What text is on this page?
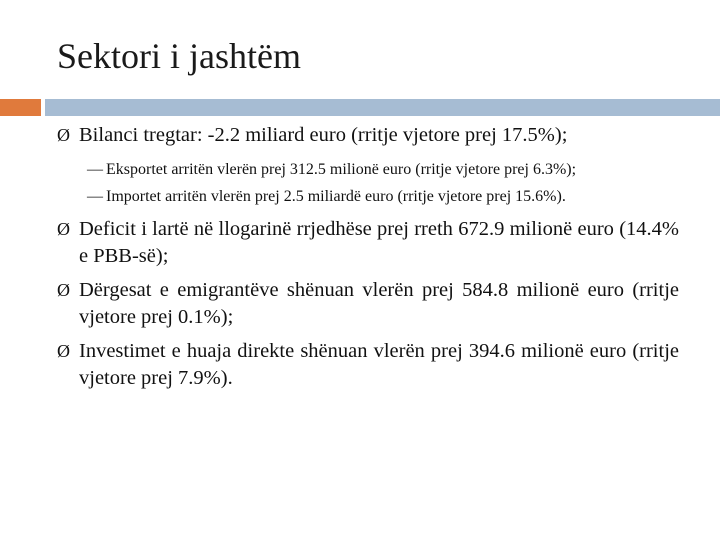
Sektori i jashtëm
Ø Bilanci tregtar: -2.2 miliard euro (rritje vjetore prej 17.5%);
— Eksportet arritën vlerën prej 312.5 milionë euro (rritje vjetore prej 6.3%);
— Importet arritën vlerën prej 2.5 miliardë euro (rritje vjetore prej 15.6%).
Ø Deficit i lartë në llogarinë rrjedhëse prej rreth 672.9 milionë euro (14.4% e PBB-së);
Ø Dërgesat e emigrantëve shënuan vlerën prej 584.8 milionë euro (rritje vjetore prej 0.1%);
Ø Investimet e huaja direkte shënuan vlerën prej 394.6 milionë euro (rritje vjetore prej 7.9%).
